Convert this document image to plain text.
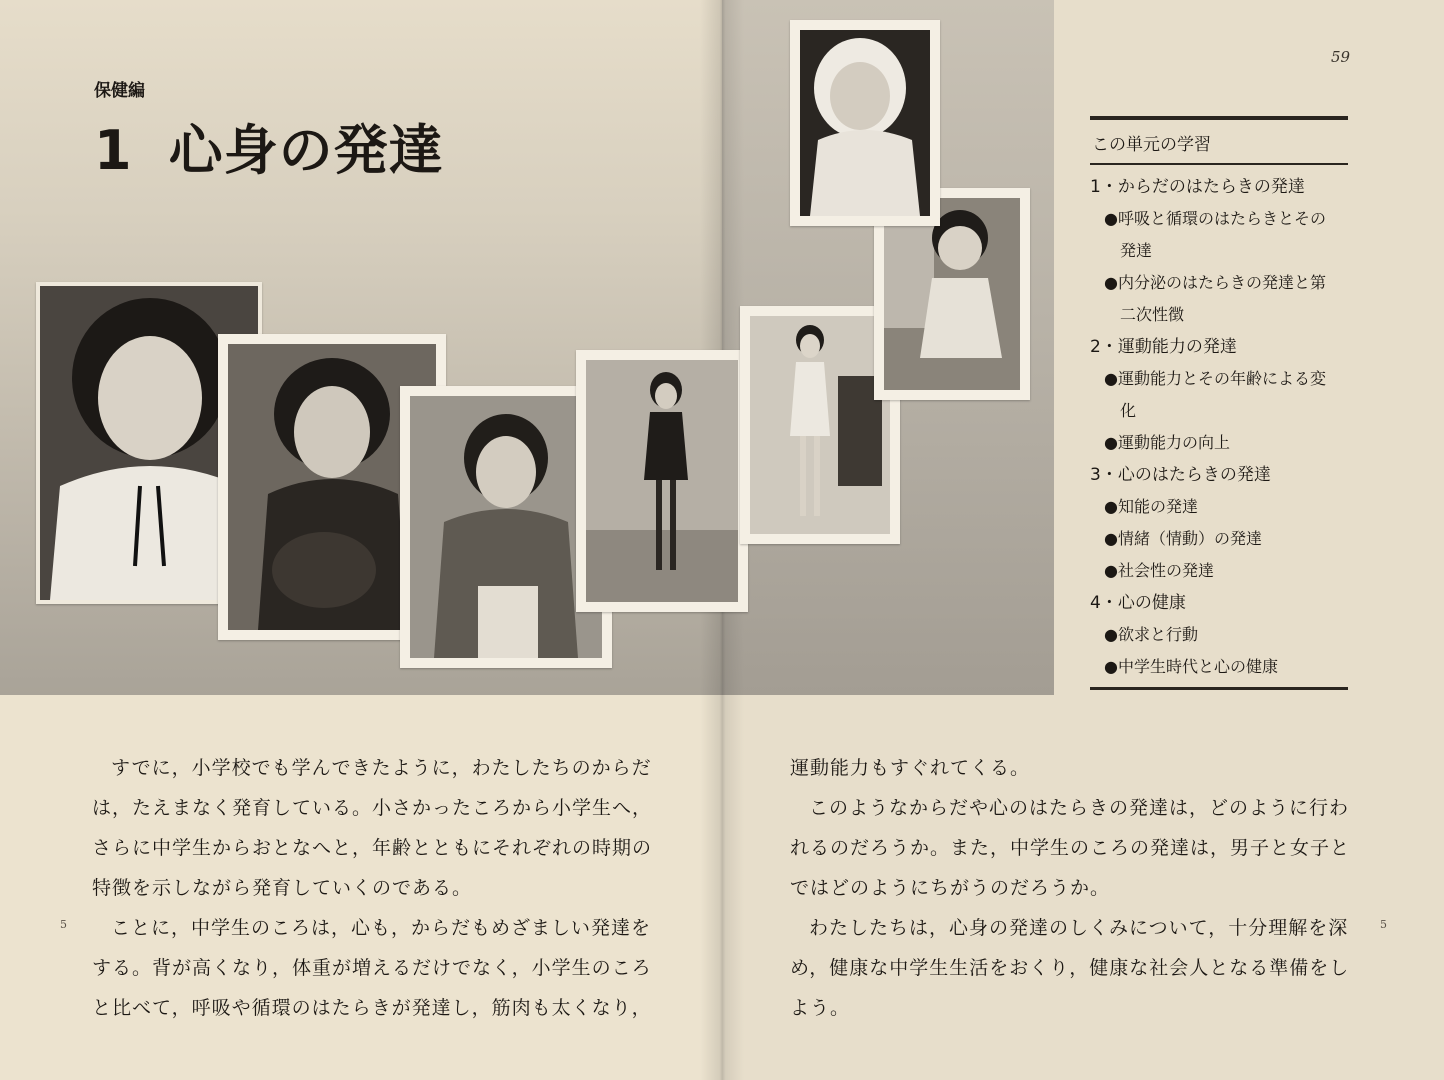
保健編
1 心身の発達
59
この単元の学習
1・からだのはたらきの発達
●呼吸と循環のはたらきとその
発達
●内分泌のはたらきの発達と第
二次性徴
2・運動能力の発達
●運動能力とその年齢による変
化
●運動能力の向上
3・心のはたらきの発達
●知能の発達
●情緒（情動）の発達
●社会性の発達
4・心の健康
●欲求と行動
●中学生時代と心の健康

すでに，小学校でも学んできたように，わたしたちのからだ

は，たえまなく発育している。小さかったころから小学生へ，

さらに中学生からおとなへと，年齢とともにそれぞれの時期の

特徴を示しながら発育していくのである。

ことに，中学生のころは，心も，からだもめざましい発達を

する。背が高くなり，体重が増えるだけでなく，小学生のころ

と比べて，呼吸や循環のはたらきが発達し，筋肉も太くなり，

運動能力もすぐれてくる。

このようなからだや心のはたらきの発達は，どのように行わ

れるのだろうか。また，中学生のころの発達は，男子と女子と

ではどのようにちがうのだろうか。

わたしたちは，心身の発達のしくみについて，十分理解を深

め，健康な中学生生活をおくり，健康な社会人となる準備をし

よう。

5	5
